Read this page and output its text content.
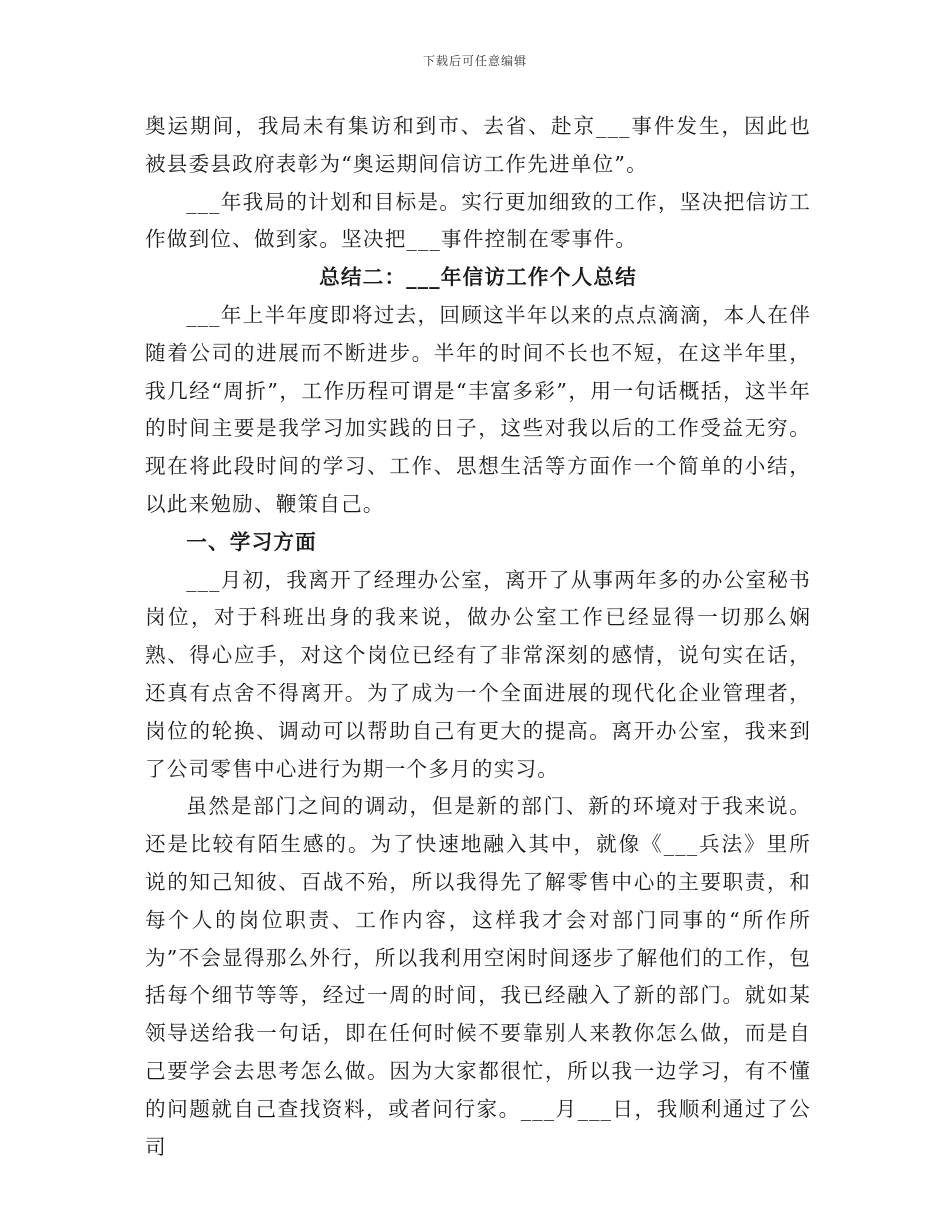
下载后可任意编辑

奥运期间，我局未有集访和到市、去省、赴京___事件发生，因此也被县委县政府表彰为“奥运期间信访工作先进单位”。

___年我局的计划和目标是。实行更加细致的工作，坚决把信访工作做到位、做到家。坚决把___事件控制在零事件。

总结二：___年信访工作个人总结

___年上半年度即将过去，回顾这半年以来的点点滴滴，本人在伴随着公司的进展而不断进步。半年的时间不长也不短，在这半年里，我几经“周折”，工作历程可谓是“丰富多彩”，用一句话概括，这半年的时间主要是我学习加实践的日子，这些对我以后的工作受益无穷。现在将此段时间的学习、工作、思想生活等方面作一个简单的小结，以此来勉励、鞭策自己。

一、学习方面

___月初，我离开了经理办公室，离开了从事两年多的办公室秘书岗位，对于科班出身的我来说，做办公室工作已经显得一切那么娴熟、得心应手，对这个岗位已经有了非常深刻的感情，说句实在话，还真有点舍不得离开。为了成为一个全面进展的现代化企业管理者，岗位的轮换、调动可以帮助自己有更大的提高。离开办公室，我来到了公司零售中心进行为期一个多月的实习。

虽然是部门之间的调动，但是新的部门、新的环境对于我来说。还是比较有陌生感的。为了快速地融入其中，就像《___兵法》里所说的知己知彼、百战不殆，所以我得先了解零售中心的主要职责，和每个人的岗位职责、工作内容，这样我才会对部门同事的“所作所为”不会显得那么外行，所以我利用空闲时间逐步了解他们的工作，包括每个细节等等，经过一周的时间，我已经融入了新的部门。就如某领导送给我一句话，即在任何时候不要靠别人来教你怎么做，而是自己要学会去思考怎么做。因为大家都很忙，所以我一边学习，有不懂的问题就自己查找资料，或者问行家。___月___日，我顺利通过了公司
